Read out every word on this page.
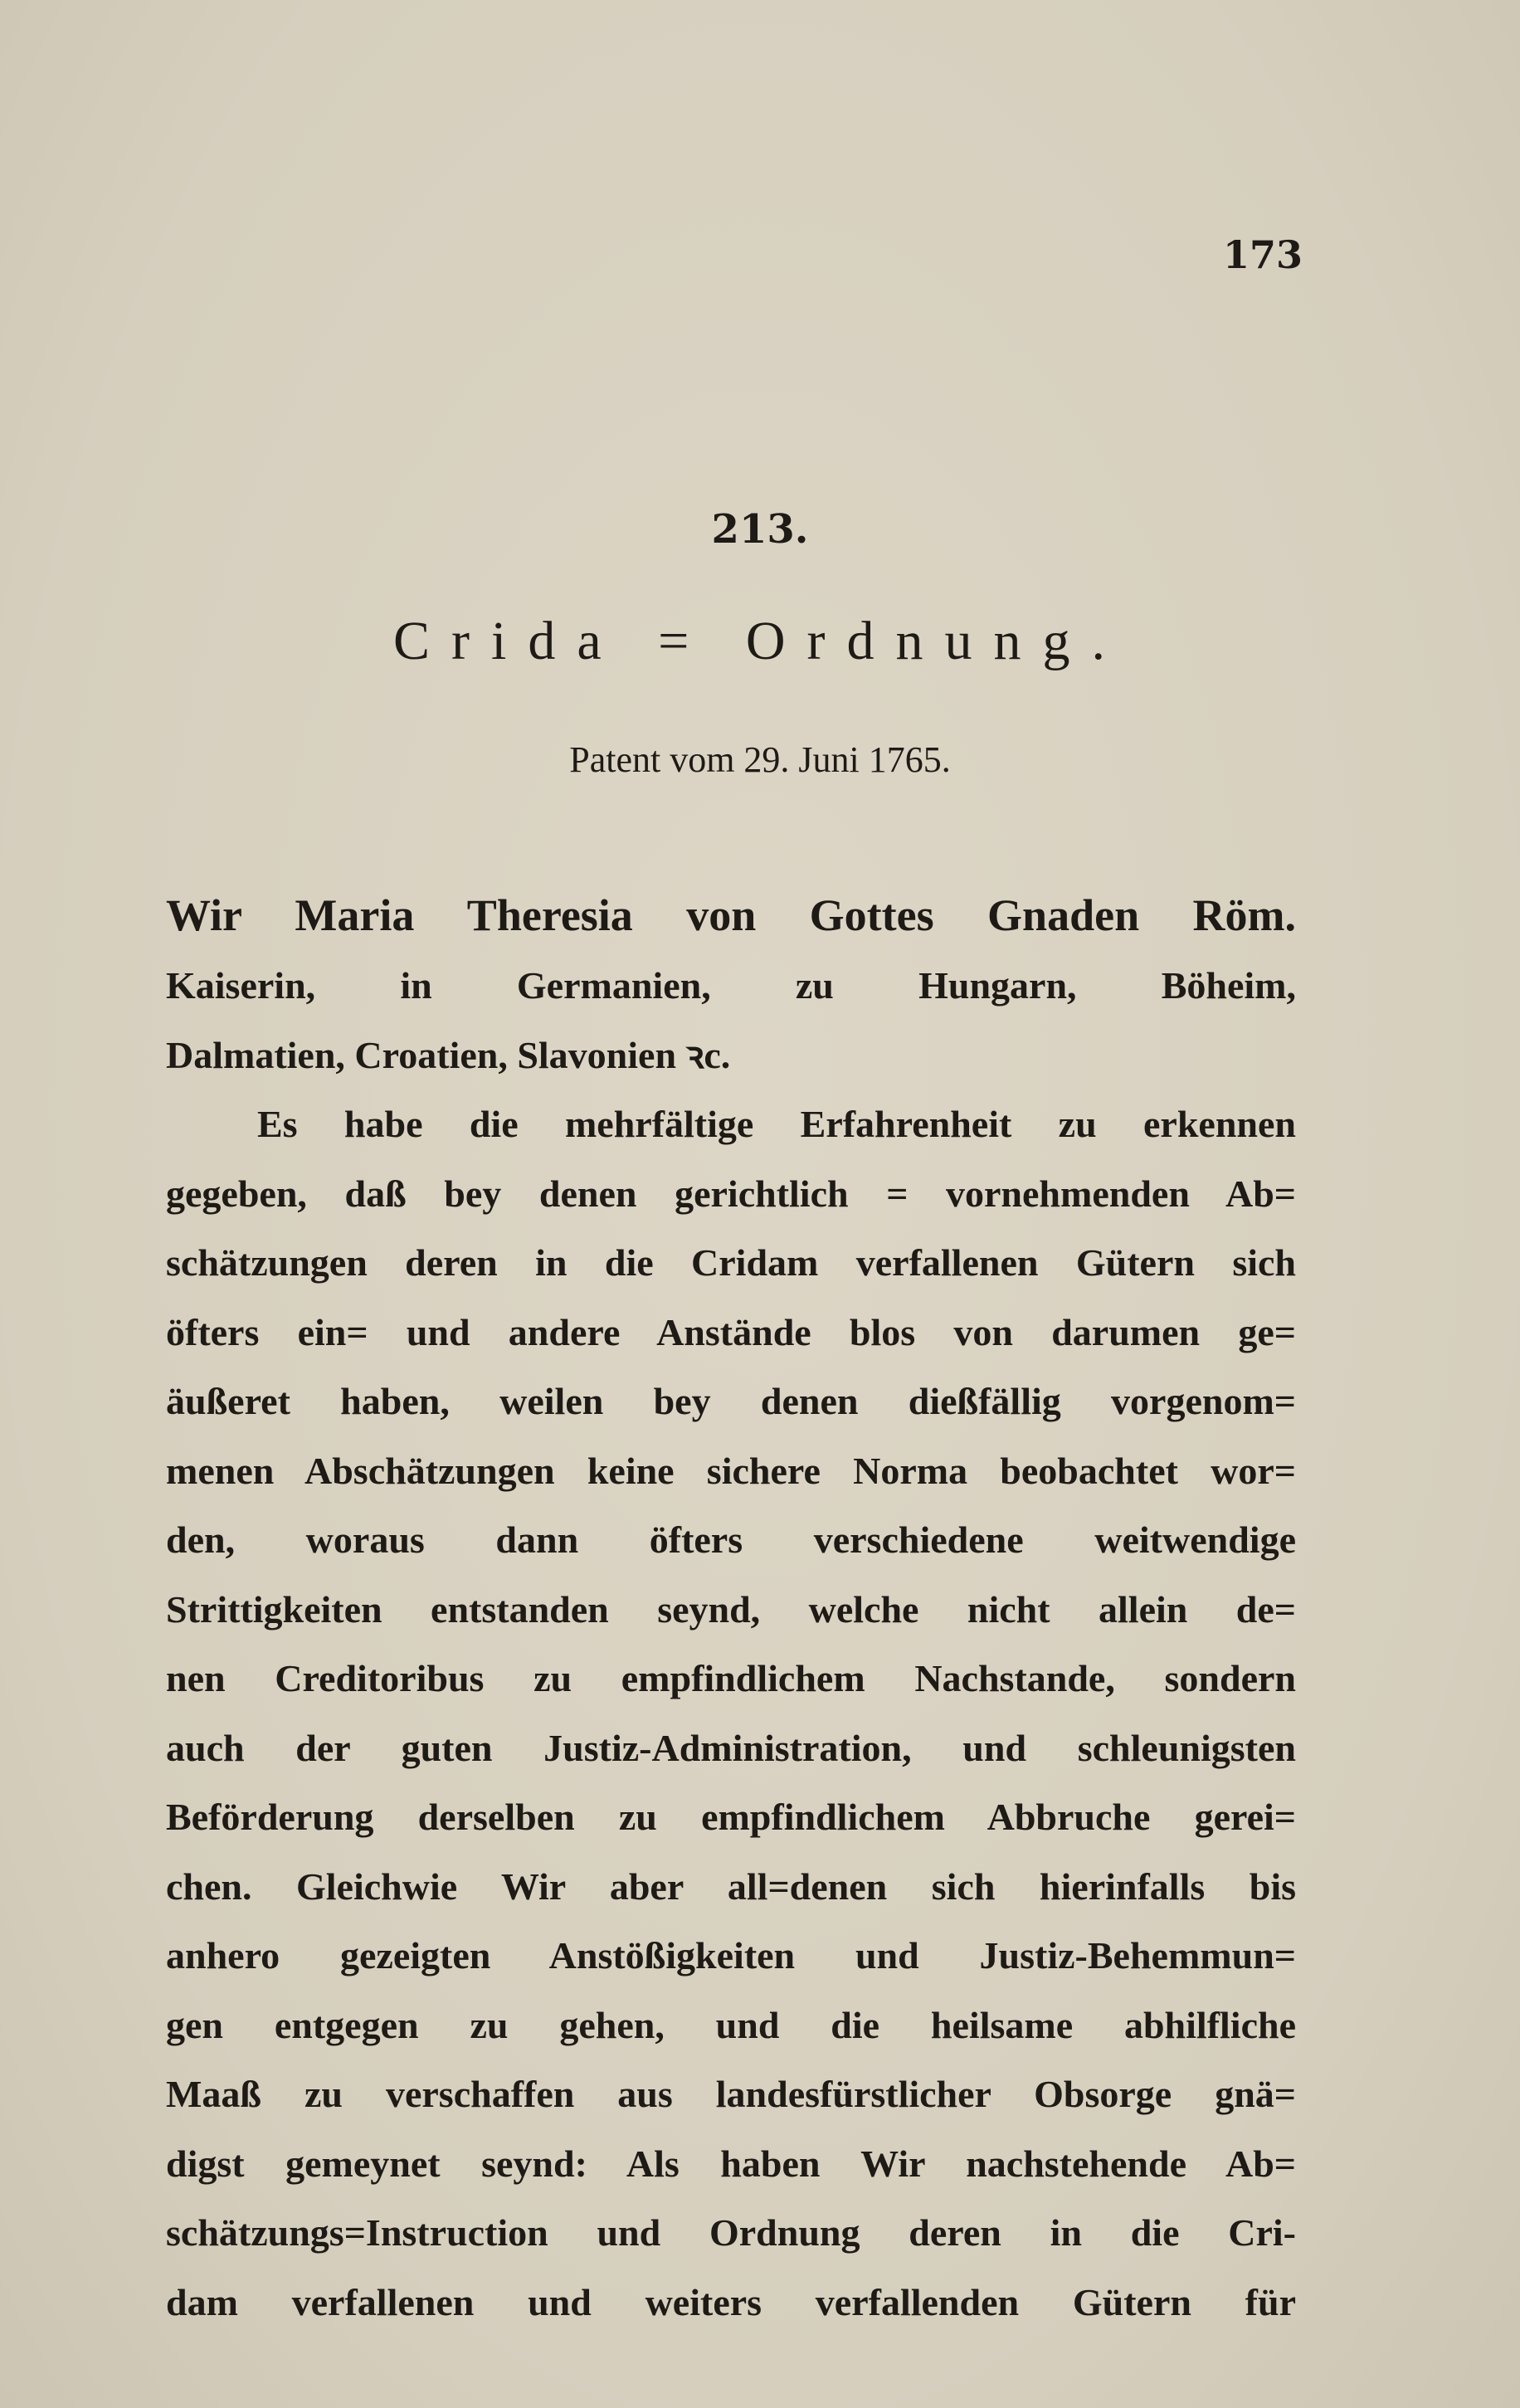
173
213.
Crida = Ordnung.
Patent vom 29. Juni 1765.
Wir Maria Theresia von Gottes Gnaden Röm.
Kaiserin, in Germanien, zu Hungarn, Böheim,
Dalmatien, Croatien, Slavonien ꝛc.
Es habe die mehrfältige Erfahrenheit zu erkennen
gegeben, daß bey denen gerichtlich = vornehmenden Ab=
schätzungen deren in die Cridam verfallenen Gütern sich
öfters ein= und andere Anstände blos von darumen ge=
äußeret haben, weilen bey denen dießfällig vorgenom=
menen Abschätzungen keine sichere Norma beobachtet wor=
den, woraus dann öfters verschiedene weitwendige
Strittigkeiten entstanden seynd, welche nicht allein de=
nen Creditoribus zu empfindlichem Nachstande, sondern
auch der guten Justiz-Administration, und schleunigsten
Beförderung derselben zu empfindlichem Abbruche gerei=
chen. Gleichwie Wir aber all=denen sich hierinfalls bis
anhero gezeigten Anstößigkeiten und Justiz-Behemmun=
gen entgegen zu gehen, und die heilsame abhilfliche
Maaß zu verschaffen aus landesfürstlicher Obsorge gnä=
digst gemeynet seynd: Als haben Wir nachstehende Ab=
schätzungs=Instruction und Ordnung deren in die Cri-
dam verfallenen und weiters verfallenden Gütern für
